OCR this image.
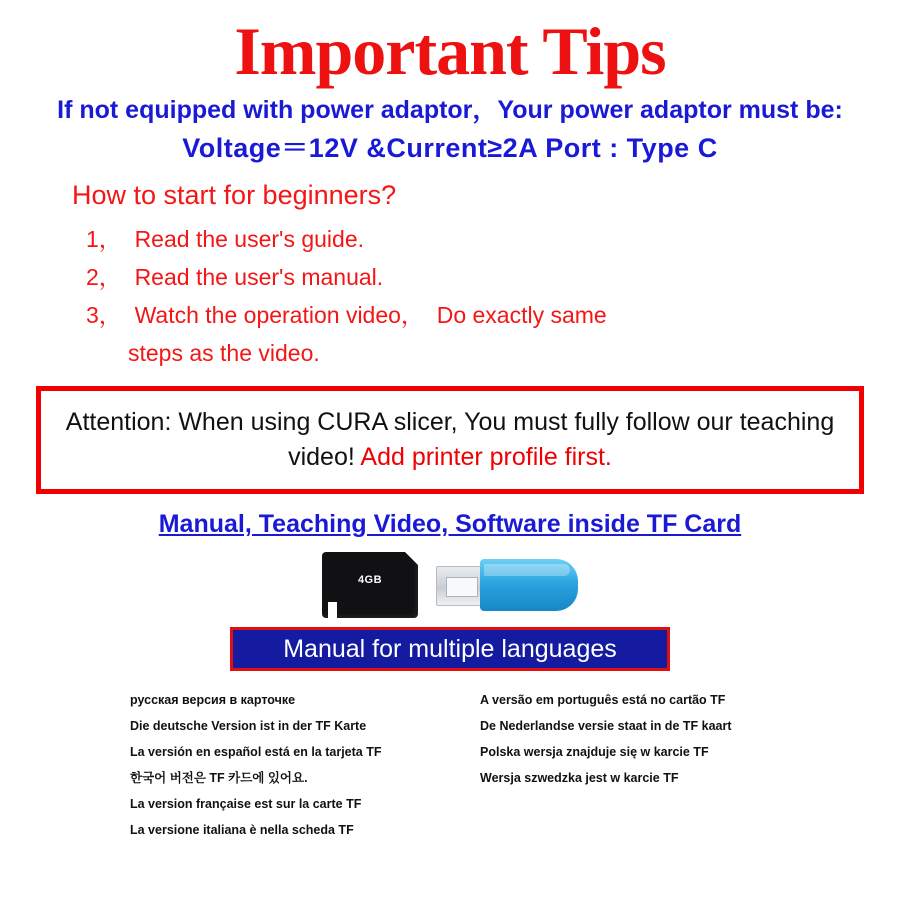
Important Tips
If not equipped with power adaptor，Your power adaptor must be:
Voltage＝12V &Current≥2A Port : Type C
How to start for beginners?
1，  Read the user's guide.
2，  Read the user's manual.
3，  Watch the operation video，  Do exactly same
steps as the video.
Attention: When using CURA slicer, You must fully follow our teaching video! Add printer profile first.
Manual, Teaching Video, Software inside TF Card
4GB
Manual for multiple languages
русская версия в карточке
Die deutsche Version ist in der TF Karte
La versión en español está en la tarjeta TF
한국어 버전은 TF 카드에 있어요.
La version française est sur la carte TF
La versione italiana è nella scheda TF
A versão em português está no cartão TF
De Nederlandse versie staat in de TF kaart
Polska wersja znajduje się w karcie TF
Wersja szwedzka jest w karcie TF
